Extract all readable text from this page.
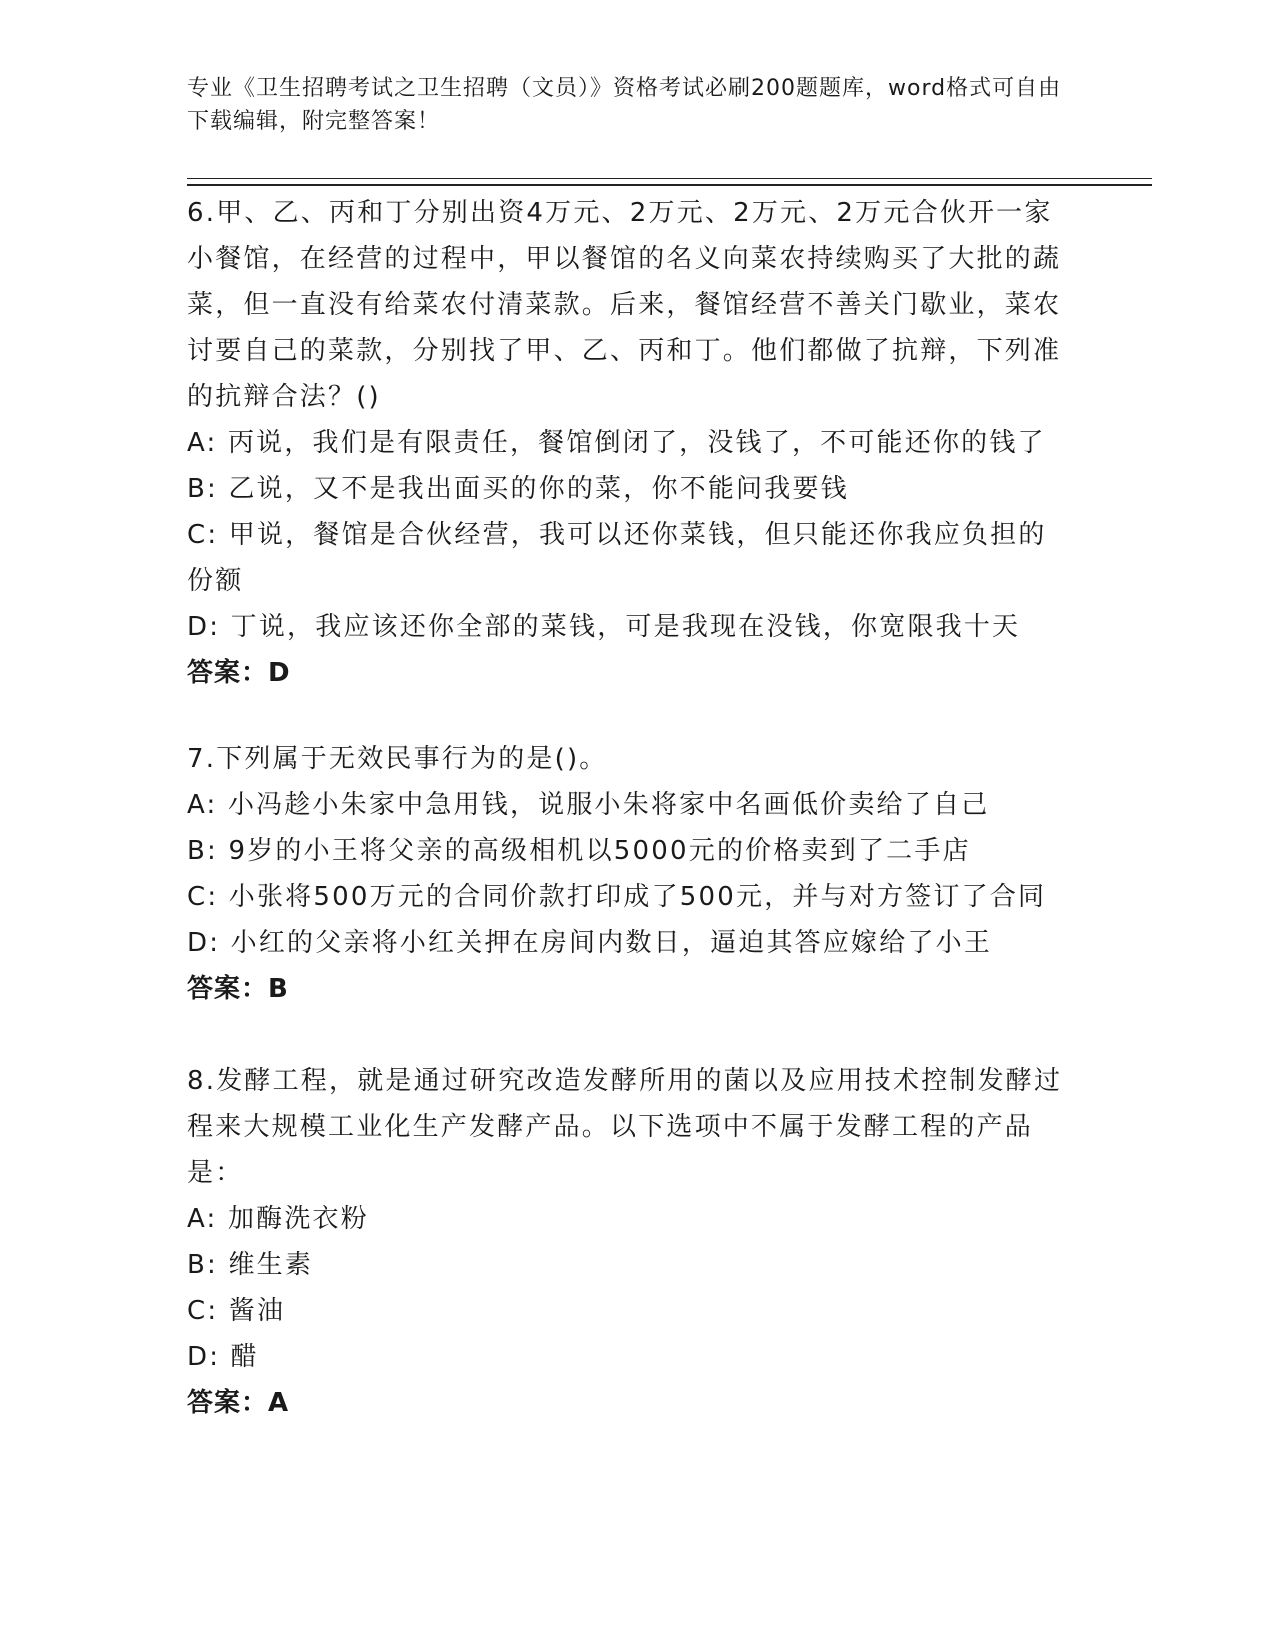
专业《卫生招聘考试之卫生招聘（文员）》资格考试必刷200题题库，word格式可自由下载编辑，附完整答案！
6.甲、乙、丙和丁分别出资4万元、2万元、2万元、2万元合伙开一家小餐馆，在经营的过程中，甲以餐馆的名义向菜农持续购买了大批的蔬菜，但一直没有给菜农付清菜款。后来，餐馆经营不善关门歇业，菜农讨要自己的菜款，分别找了甲、乙、丙和丁。他们都做了抗辩，下列准的抗辩合法？()
A: 丙说，我们是有限责任，餐馆倒闭了，没钱了，不可能还你的钱了
B: 乙说，又不是我出面买的你的菜，你不能问我要钱
C: 甲说，餐馆是合伙经营，我可以还你菜钱，但只能还你我应负担的份额
D: 丁说，我应该还你全部的菜钱，可是我现在没钱，你宽限我十天
答案：D
7.下列属于无效民事行为的是()。
A: 小冯趁小朱家中急用钱，说服小朱将家中名画低价卖给了自己
B: 9岁的小王将父亲的高级相机以5000元的价格卖到了二手店
C: 小张将500万元的合同价款打印成了500元，并与对方签订了合同
D: 小红的父亲将小红关押在房间内数日，逼迫其答应嫁给了小王
答案：B
8.发酵工程，就是通过研究改造发酵所用的菌以及应用技术控制发酵过程来大规模工业化生产发酵产品。以下选项中不属于发酵工程的产品是：
A: 加酶洗衣粉
B: 维生素
C: 酱油
D: 醋
答案：A
